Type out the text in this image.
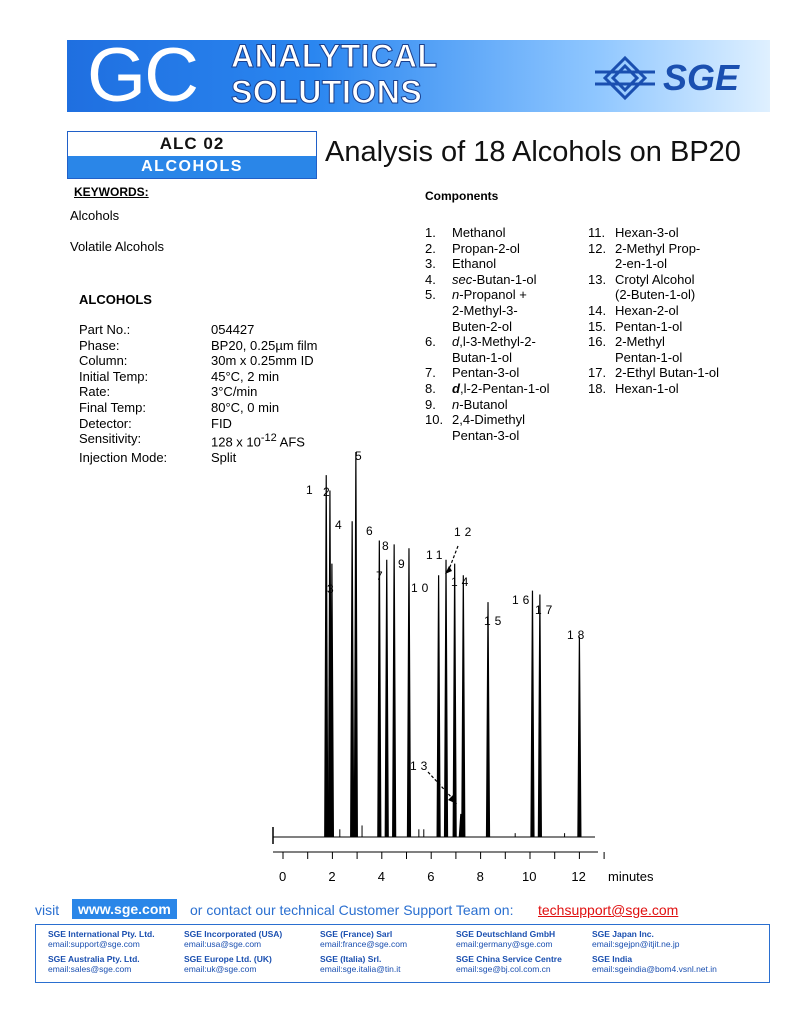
GC ANALYTICAL
SOLUTIONS	SGE
ALC 02
ALCOHOLS	Analysis of 18 Alcohols on BP20
KEYWORDS:
Alcohols
Volatile Alcohols
ALCOHOLS
Part No.:	054427
Phase:	BP20, 0.25µm film
Column:	30m x 0.25mm ID
Initial Temp:	45°C, 2 min
Rate:	3°C/min
Final Temp:	80°C, 0 min
Detector:	FID
Sensitivity:	128 x $10^{-12}$ AFS
Injection Mode:	Split
Components
1.	Methanol
2.	Propan-2-ol
3.	Ethanol
4.	sec-Butan-1-ol
5.	n-Propanol +
2-Methyl-3-
Buten-2-ol
6.	d,l-3-Methyl-2-
Butan-1-ol
7.	Pentan-3-ol
8.	d,l-2-Pentan-1-ol
9.	n-Butanol
10. 2,4-Dimethyl
Pentan-3-ol
11. Hexan-3-ol
12. 2-Methyl Prop-
2-en-1-ol
13. Crotyl Alcohol
(2-Buten-1-ol)
14. Hexan-2-ol
15. Pentan-1-ol
16. 2-Methyl
Pentan-1-ol
17. 2-Ethyl Butan-1-ol
18. Hexan-1-ol
1 2
3
4
5
6
7
8
9
10
11
12
13
14
15
16
17
18
0	2	4	6	8	10	12 minutes
visit	www.sge.com	or contact our technical Customer Support Team on: techsupport@sge.com
SGE International Pty. Ltd.
email:support@sge.com
SGE Incorporated (USA)
email:usa@sge.com
SGE (France) Sarl
email:france@sge.com
SGE Deutschland GmbH
email:germany@sge.com
SGE Japan Inc.
email:sgejpn@itjit.ne.jp
SGE Australia Pty. Ltd.
email:sales@sge.com
SGE Europe Ltd. (UK)
email:uk@sge.com
SGE (Italia) Srl.
email:sge.italia@tin.it
SGE China Service Centre
email:sge@bj.col.com.cn
SGE India
email:sgeindia@bom4.vsnl.net.in
